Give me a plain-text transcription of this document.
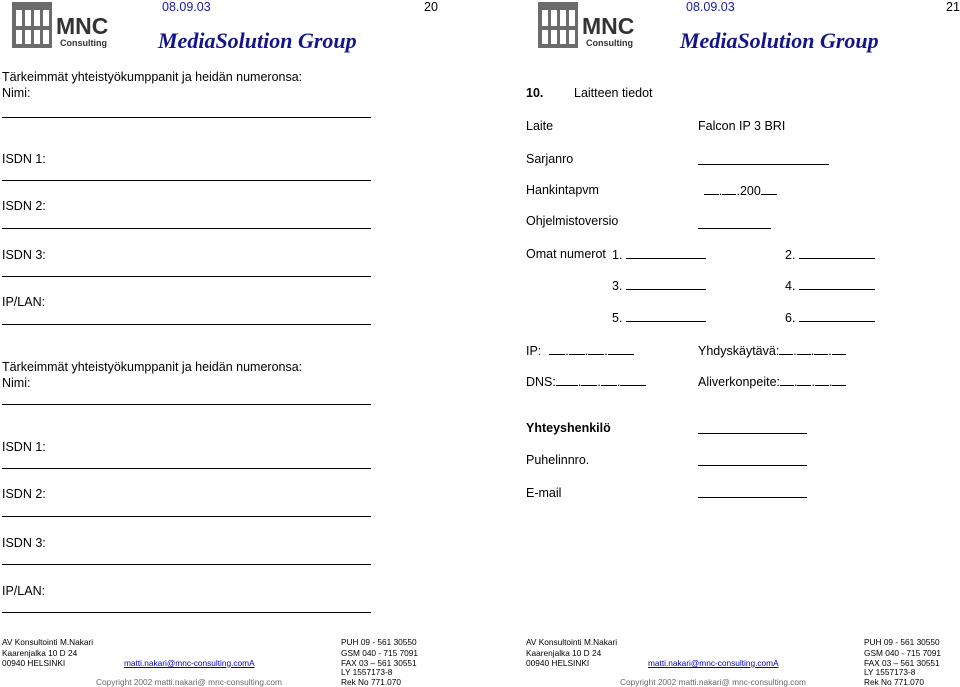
MNC
Consulting
08.09.03	20
MediaSolution Group
Tärkeimmät yhteistyökumppanit ja heidän numeronsa:
Nimi:
ISDN 1:
ISDN 2:
ISDN 3:
IP/LAN:
Tärkeimmät yhteistyökumppanit ja heidän numeronsa:
Nimi:
ISDN 1:
ISDN 2:
ISDN 3:
IP/LAN:
AV Konsultointi M.Nakari
Kaarenjalka 10 D 24
00940 HELSINKI	matti.nakari@mnc-consulting.comA
Copyright 2002 matti.nakari@ mnc-consulting.com
PUH 09 - 561 30550
GSM 040 - 715 7091
FAX 03 – 561 30551
LY 1557173-8
Rek No 771.070
MNC
Consulting
08.09.03	21
MediaSolution Group
10. Laitteen tiedot
Laite	Falcon IP 3 BRI
Sarjanro
Hankintapvm	. .200
Ohjelmistoversio
Omat numerot 1.	2.
3.	4.
5.	6.
IP: . . .	Yhdyskäytävä: . . .
DNS: . . .	Aliverkonpeite: . . .
Yhteyshenkilö
Puhelinnro.
E-mail
AV Konsultointi M.Nakari
Kaarenjalka 10 D 24
00940 HELSINKI	matti.nakari@mnc-consulting.comA
Copyright 2002 matti.nakari@ mnc-consulting.com
PUH 09 - 561 30550
GSM 040 - 715 7091
FAX 03 – 561 30551
LY 1557173-8
Rek No 771.070
